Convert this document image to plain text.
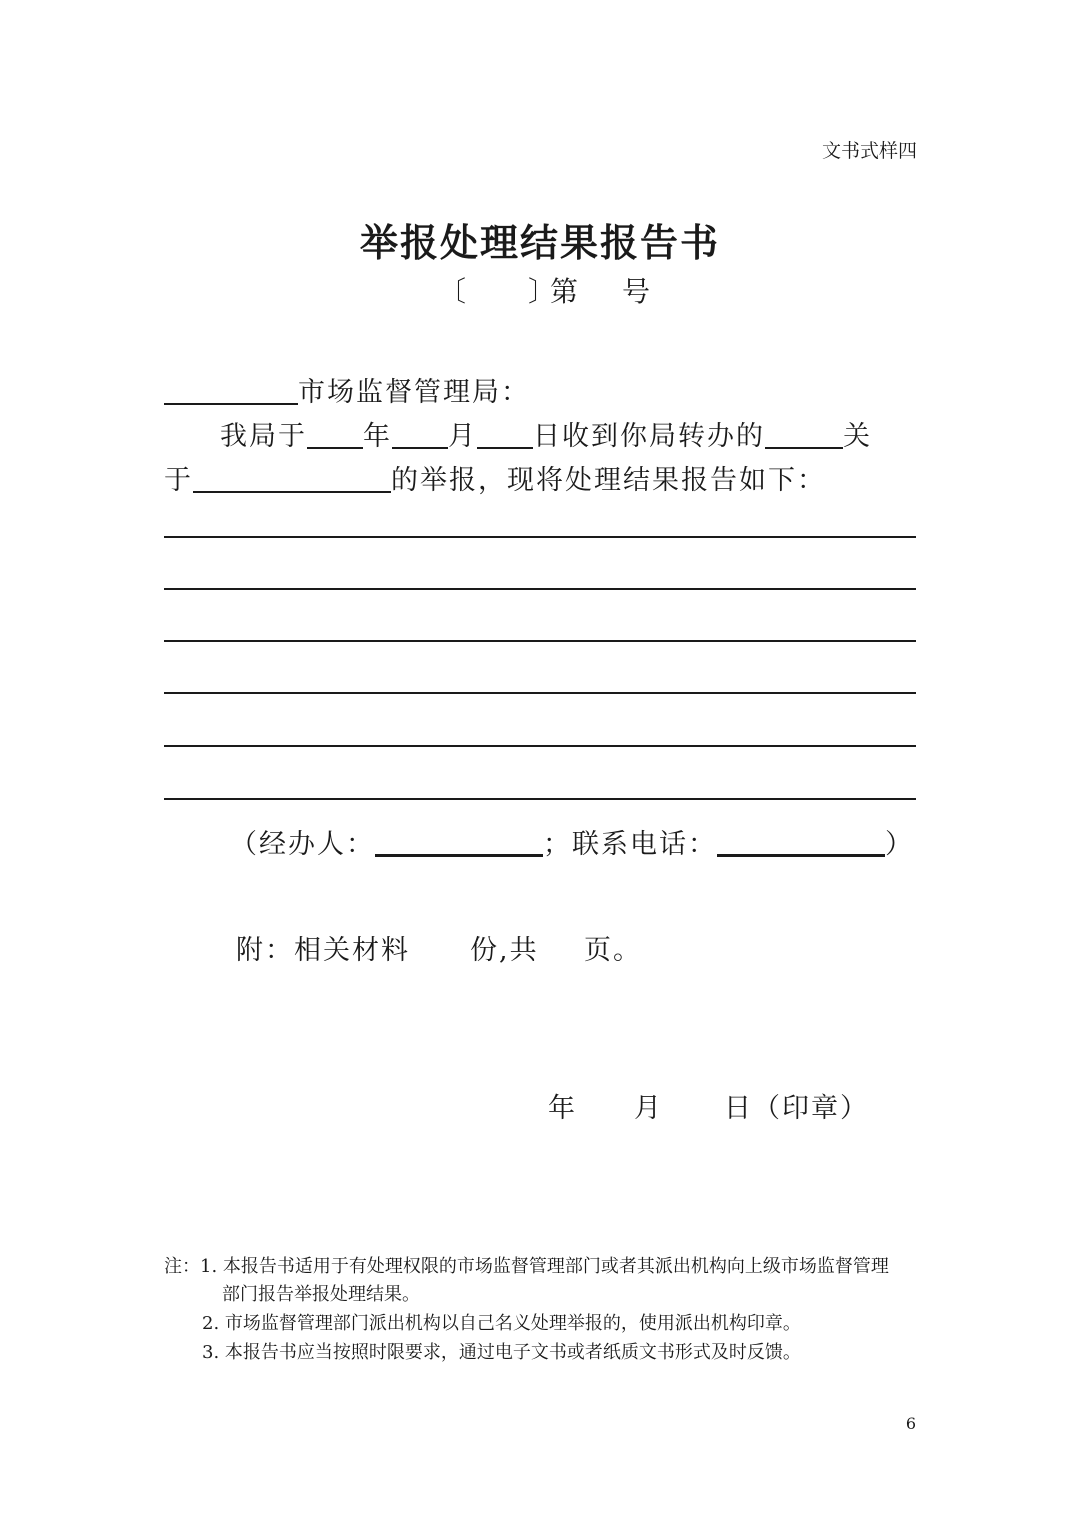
文书式样四
举报处理结果报告书
〔 〕
第 号
市场监督管理局：
我局于 年 月 日收到你局转办的	关
于	的举报，现将处理结果报告如下：
（经办人：	；联系电话：	）
附：相关材料 份,共 页。
年 月 日（印章）
注：1. 本报告书适用于有处理权限的市场监督管理部门或者其派出机构向上级市场监督管理
部门报告举报处理结果。
2. 市场监督管理部门派出机构以自己名义处理举报的，使用派出机构印章。
3. 本报告书应当按照时限要求，通过电子文书或者纸质文书形式及时反馈。
6
